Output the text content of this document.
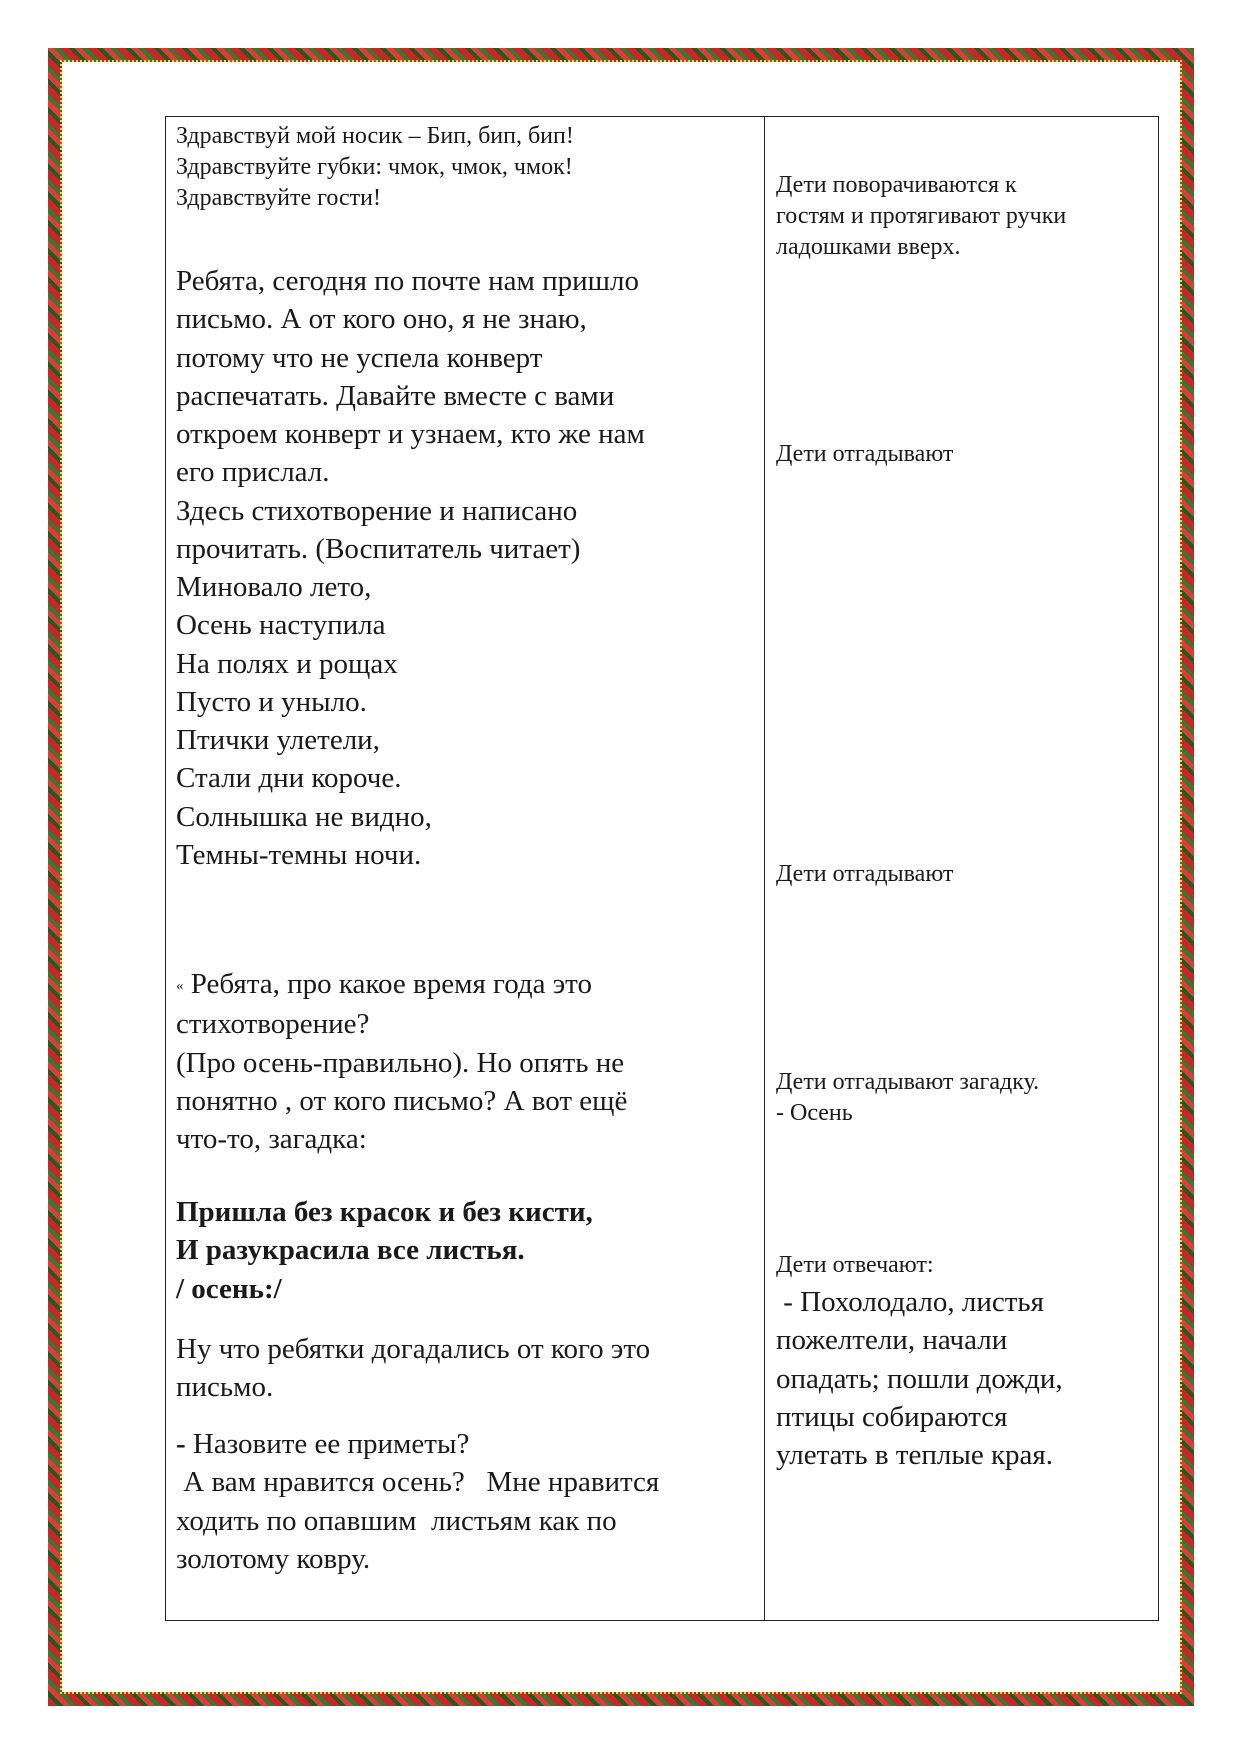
Здравствуй мой носик – Бип, бип, бип!
Здравствуйте губки: чмок, чмок, чмок!
Здравствуйте гости!
Ребята, сегодня по почте нам пришло
письмо. А от кого оно, я не знаю,
потому что не успела конверт
распечатать. Давайте вместе с вами
откроем конверт и узнаем, кто же нам
его прислал.
Здесь стихотворение и написано
прочитать. (Воспитатель читает)
Миновало лето,
Осень наступила
На полях и рощах
Пусто и уныло.
Птички улетели,
Стали дни короче.
Солнышка не видно,
Темны-темны ночи.
« Ребята, про какое время года это
стихотворение?
(Про осень-правильно). Но опять не
понятно , от кого письмо? А вот ещё
что-то, загадка:
Пришла без красок и без кисти,
И разукрасила все листья.
/ осень:/
Ну что ребятки догадались от кого это
письмо.
- Назовите ее приметы?
А вам нравится осень?   Мне нравится
ходить по опавшим  листьям как по
золотому ковру.
Дети поворачиваются к
гостям и протягивают ручки
ладошками вверх.
Дети отгадывают
Дети отгадывают
Дети отгадывают загадку.
- Осень
Дети отвечают:
- Похолодало, листья
пожелтели, начали
опадать; пошли дожди,
птицы собираются
улетать в теплые края.
